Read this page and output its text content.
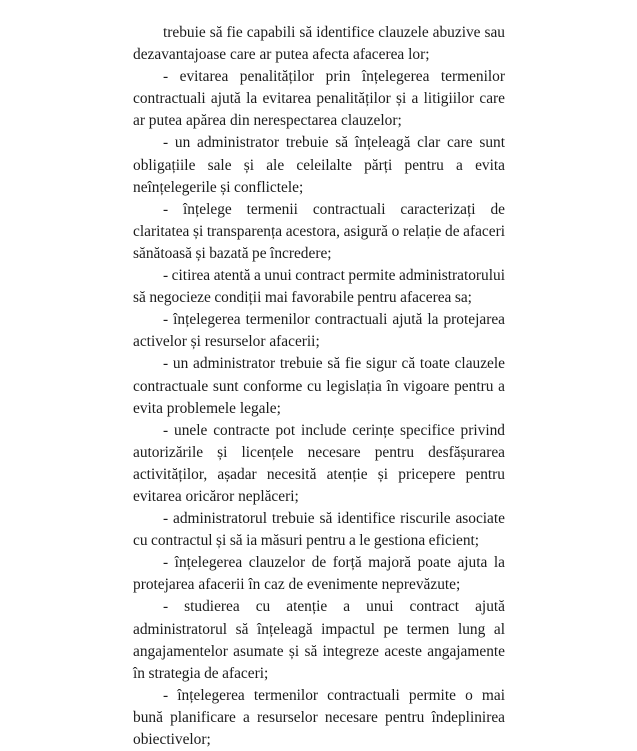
trebuie să fie capabili să identifice clauzele abuzive sau dezavantajoase care ar putea afecta afacerea lor;

- evitarea penalităților prin înțelegerea termenilor contractuali ajută la evitarea penalităților și a litigiilor care ar putea apărea din nerespectarea clauzelor;

- un administrator trebuie să înțeleagă clar care sunt obligațiile sale și ale celeilalte părți pentru a evita neînțelegerile și conflictele;

- înțelege termenii contractuali caracterizați de claritatea și transparența acestora, asigură o relație de afaceri sănătoasă și bazată pe încredere;

- citirea atentă a unui contract permite administratorului să negocieze condiții mai favorabile pentru afacerea sa;

- înțelegerea termenilor contractuali ajută la protejarea activelor și resurselor afacerii;

- un administrator trebuie să fie sigur că toate clauzele contractuale sunt conforme cu legislația în vigoare pentru a evita problemele legale;

- unele contracte pot include cerințe specifice privind autorizările și licențele necesare pentru desfășurarea activităților, așadar necesită atenție și pricepere pentru evitarea oricăror neplăceri;

- administratorul trebuie să identifice riscurile asociate cu contractul și să ia măsuri pentru a le gestiona eficient;

- înțelegerea clauzelor de forță majoră poate ajuta la protejarea afacerii în caz de evenimente neprevăzute;

- studierea cu atenție a unui contract ajută administratorul să înțeleagă impactul pe termen lung al angajamentelor asumate și să integreze aceste angajamente în strategia de afaceri;

- înțelegerea termenilor contractuali permite o mai bună planificare a resurselor necesare pentru îndeplinirea obiectivelor;
